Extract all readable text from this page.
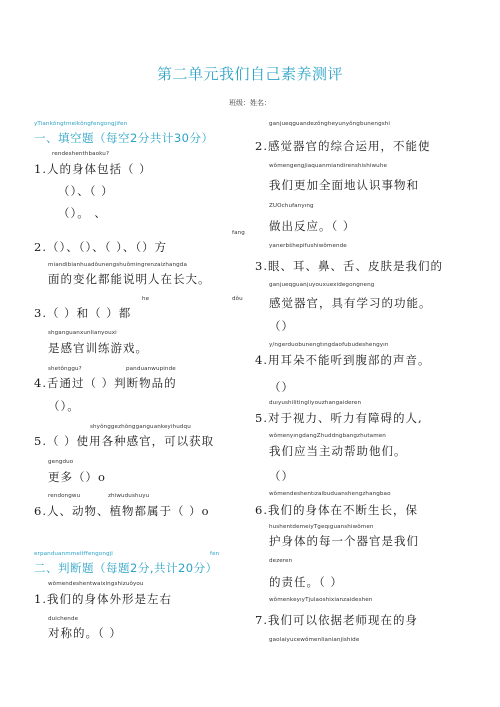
第二单元我们自己素养测评
班级：姓名：
yTiankŏngtmeikŏngfengongjifen
一、填空题（每空2分共计30分）
rendeshenthbaoku?
1.人的身体包括（ ）
（）、（ ）
（）。 、
fang
2.（）、（）、（ ）、（）方
miandibianhuadŏunengshuŏmingrenzaizhangda
面的变化都能说明人在长大。
he	dŏu
3.（ ）和（ ）都
shganguanxunlianyouxi
是感官训练游戏。
shetŏnggu?	panduanwupinde
4.舌通过（ ）判断物品的
（）。
shyŏnggezhŏngganguankeyihudqu
5.（ ）使用各种感官，可以获取
gengduo
更多（）o
rendongwu	zhiwudushuyu
6.人、动物、植物都属于（ ）o
erpanduanmmeitffengongji	fen
二、判断题（每题2分,共计20分）
wŏmendeshentwaixingshizuŏyou
1.我们的身体外形是左右
duichende
对称的。（ ）
ganjueqguandezŏngheyunyŏngbunengshi
2.感觉器官的综合运用，不能使
wŏmengengjiaquanmiandirenshishiwuhe
我们更加全面地认识事物和
ZUOchufanyıng
做出反应。（ ）
yanerbŝhepifushiwŏmende
3.眼、耳、鼻、舌、皮肤是我们的
ganjueqguanjuyouxuexidegongneng
感觉器官，具有学习的功能。
（）
y/ngerduobunengtıngdaofubudeshengyın
4.用耳朵不能听到腹部的声音。
（）
duıyushilitingliyouzhangaideren
5.对于视力、听力有障碍的人,
wŏmenyıngdangZhuddngbangzhutamen
我们应当主动帮助他们。
（）
wŏmendeshentızaibuduanshengzhangbao
6.我们的身体在不断生长，保
hushentdemeiyTgeqıguanshiwŏmen
护身体的每一个器官是我们
dezeren
的责任。（ ）
wŏmenkeyıyTjulaoshixianzaideshen
7.我们可以依据老师现在的身
gaolaiyucewŏmenlianianjishide
